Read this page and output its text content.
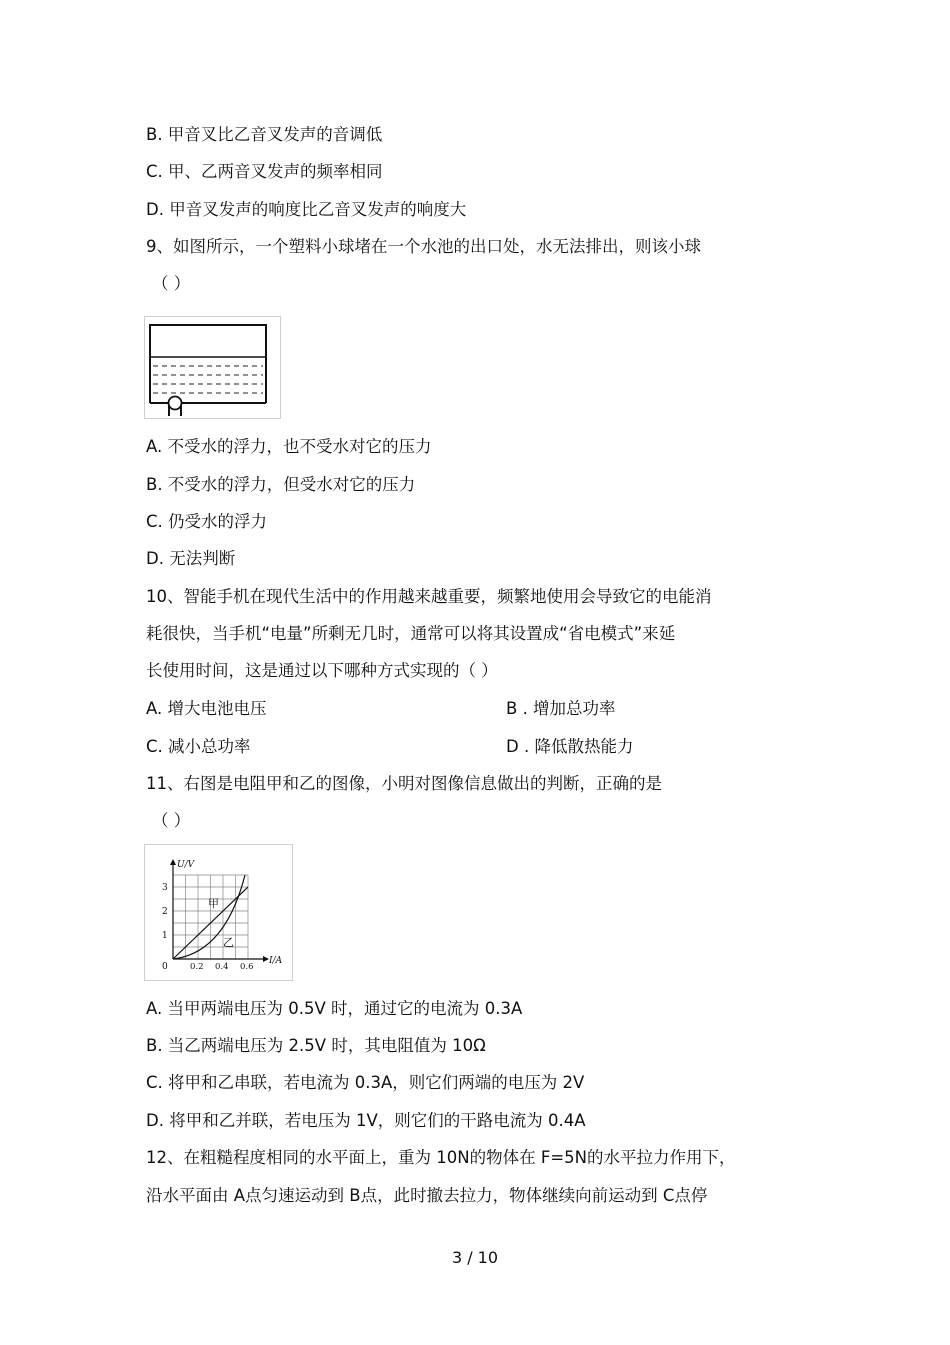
B. 甲音叉比乙音叉发声的音调低
C. 甲、乙两音叉发声的频率相同
D. 甲音叉发声的响度比乙音叉发声的响度大
9、如图所示，一个塑料小球堵在一个水池的出口处，水无法排出，则该小球
（ ）
A. 不受水的浮力，也不受水对它的压力
B. 不受水的浮力，但受水对它的压力
C. 仍受水的浮力
D. 无法判断
10、智能手机在现代生活中的作用越来越重要，频繁地使用会导致它的电能消
耗很快，当手机“电量”所剩无几时，通常可以将其设置成“省电模式”来延
长使用时间，这是通过以下哪种方式实现的（ ）
A. 增大电池电压	B . 增加总功率
C. 减小总功率	D . 降低散热能力
11、右图是电阻甲和乙的图像，小明对图像信息做出的判断，正确的是
（ ）
U/V
I/A
0
1
2
3
0.2 0.4 0.6
甲
乙
A. 当甲两端电压为 0.5V 时，通过它的电流为 0.3A
B. 当乙两端电压为 2.5V 时，其电阻值为 10Ω
C. 将甲和乙串联，若电流为 0.3A，则它们两端的电压为 2V
D. 将甲和乙并联，若电压为 1V，则它们的干路电流为 0.4A
12、在粗糙程度相同的水平面上，重为 10N的物体在 F=5N的水平拉力作用下，
沿水平面由 A点匀速运动到 B点，此时撤去拉力，物体继续向前运动到 C点停
3 / 10
